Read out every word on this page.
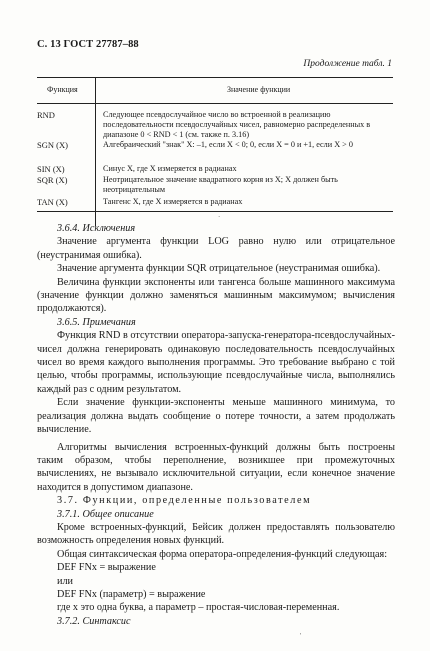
С. 13 ГОСТ 27787–88
Продолжение табл. 1
Функция	Значение функции
RND	Следующее псевдослучайное число во встроенной в реализацию последовательности псевдослучайных чисел, равномерно распределенных в диапазоне 0 < RND < 1 (см. также п. 3.16)
SGN (X)	Алгебраический "знак" X: –1, если X < 0; 0, если X = 0 и +1, если X > 0
SIN (X)	Синус X, где X измеряется в радианах
SQR (X)	Неотрицательное значение квадратного корня из X; X должен быть неотрицательным
TAN (X)	Тангенс X, где X измеряется в радианах
´

3.6.4. Исключения

Значение аргумента функции LOG равно нулю или отрицательное (неустранимая ошибка).

Значение аргумента функции SQR отрицательное (неустранимая ошибка).

Величина функции экспоненты или тангенса больше машинного максимума (значение функции должно заменяться машинным максимумом; вычисления продолжаются).

3.6.5. Примечания

Функция RND в отсутствии оператора-запуска-генератора-псевдослучайных-чисел должна генерировать одинаковую последовательность псевдослучайных чисел во время каждого выполнения программы. Это требование выбрано с той целью, чтобы программы, использующие псевдослучайные числа, выполнялись каждый раз с одним результатом.

Если значение функции-экспоненты меньше машинного минимума, то реализация должна выдать сообщение о потере точности, а затем продолжать вычисление.

Алгоритмы вычисления встроенных-функций должны быть построены таким образом, чтобы переполнение, возникшее при промежуточных вычислениях, не вызывало исключительной ситуации, если конечное значение находится в допустимом диапазоне.

3.7. Функции, определенные пользователем

3.7.1. Общее описание

Кроме встроенных-функций, Бейсик должен предоставлять пользователю возможность определения новых функций.

Общая синтаксическая форма оператора-определения-функций следующая:

DEF FNx = выражение

или

DEF FNx (параметр) = выражение

где x это одна буква, а параметр – простая-числовая-переменная.

3.7.2. Синтаксис

'
